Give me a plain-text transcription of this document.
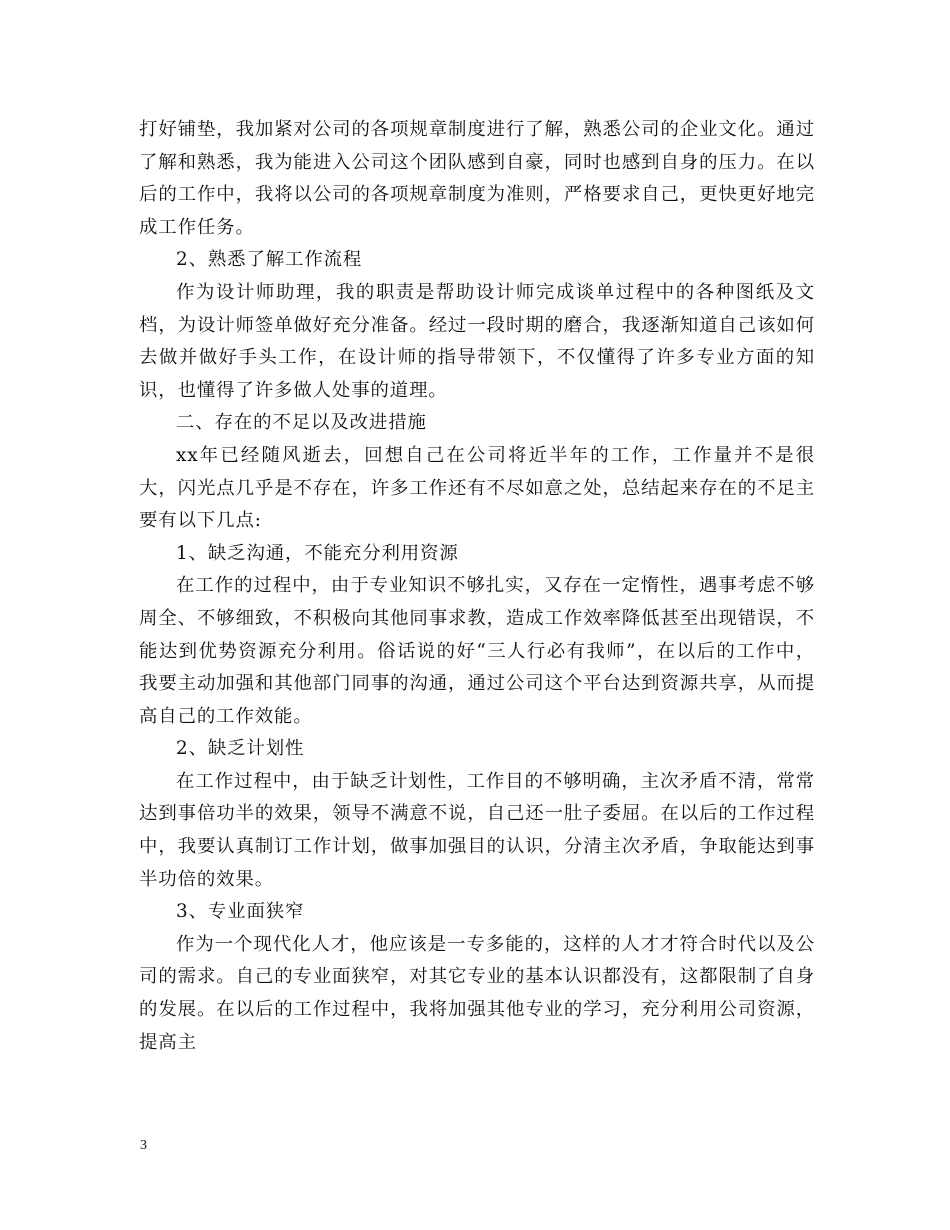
打好铺垫，我加紧对公司的各项规章制度进行了解，熟悉公司的企业文化。通过了解和熟悉，我为能进入公司这个团队感到自豪，同时也感到自身的压力。在以后的工作中，我将以公司的各项规章制度为准则，严格要求自己，更快更好地完成工作任务。

2、熟悉了解工作流程

作为设计师助理，我的职责是帮助设计师完成谈单过程中的各种图纸及文档，为设计师签单做好充分准备。经过一段时期的磨合，我逐渐知道自己该如何去做并做好手头工作，在设计师的指导带领下，不仅懂得了许多专业方面的知识，也懂得了许多做人处事的道理。

二、存在的不足以及改进措施

xx年已经随风逝去，回想自己在公司将近半年的工作，工作量并不是很大，闪光点几乎是不存在，许多工作还有不尽如意之处，总结起来存在的不足主要有以下几点:

1、缺乏沟通，不能充分利用资源

在工作的过程中，由于专业知识不够扎实，又存在一定惰性，遇事考虑不够周全、不够细致，不积极向其他同事求教，造成工作效率降低甚至出现错误，不能达到优势资源充分利用。俗话说的好“三人行必有我师”，在以后的工作中，我要主动加强和其他部门同事的沟通，通过公司这个平台达到资源共享，从而提高自己的工作效能。

2、缺乏计划性

在工作过程中，由于缺乏计划性，工作目的不够明确，主次矛盾不清，常常达到事倍功半的效果，领导不满意不说，自己还一肚子委屈。在以后的工作过程中，我要认真制订工作计划，做事加强目的认识，分清主次矛盾，争取能达到事半功倍的效果。

3、专业面狭窄

作为一个现代化人才，他应该是一专多能的，这样的人才才符合时代以及公司的需求。自己的专业面狭窄，对其它专业的基本认识都没有，这都限制了自身的发展。在以后的工作过程中，我将加强其他专业的学习，充分利用公司资源，提高主

3
